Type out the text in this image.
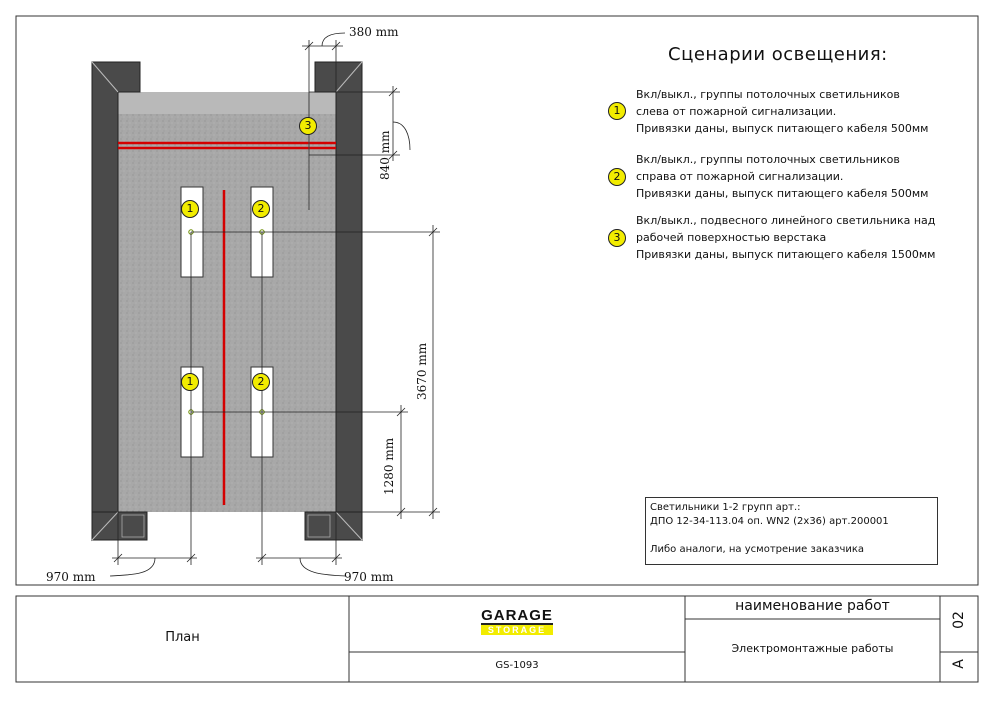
1	2
1	2
3
380 mm
840 mm
3670 mm
1280 mm
970 mm	970 mm
Сценарии освещения:
1
Вкл/выкл., группы потолочных светильников
слева от пожарной сигнализации.
Привязки даны, выпуск питающего кабеля 500мм
2
Вкл/выкл., группы потолочных светильников
справа от пожарной сигнализации.
Привязки даны, выпуск питающего кабеля 500мм
3
Вкл/выкл., подвесного линейного светильника над
рабочей поверхностью верстака
Привязки даны, выпуск питающего кабеля 1500мм
Светильники 1-2 групп арт.:
ДПО 12-34-113.04 оп. WN2 (2х36) арт.200001
Либо аналоги, на усмотрение заказчика
План
GARAGE
STORAGE
GS-1093
наименование работ
Электромонтажные работы
02
A
